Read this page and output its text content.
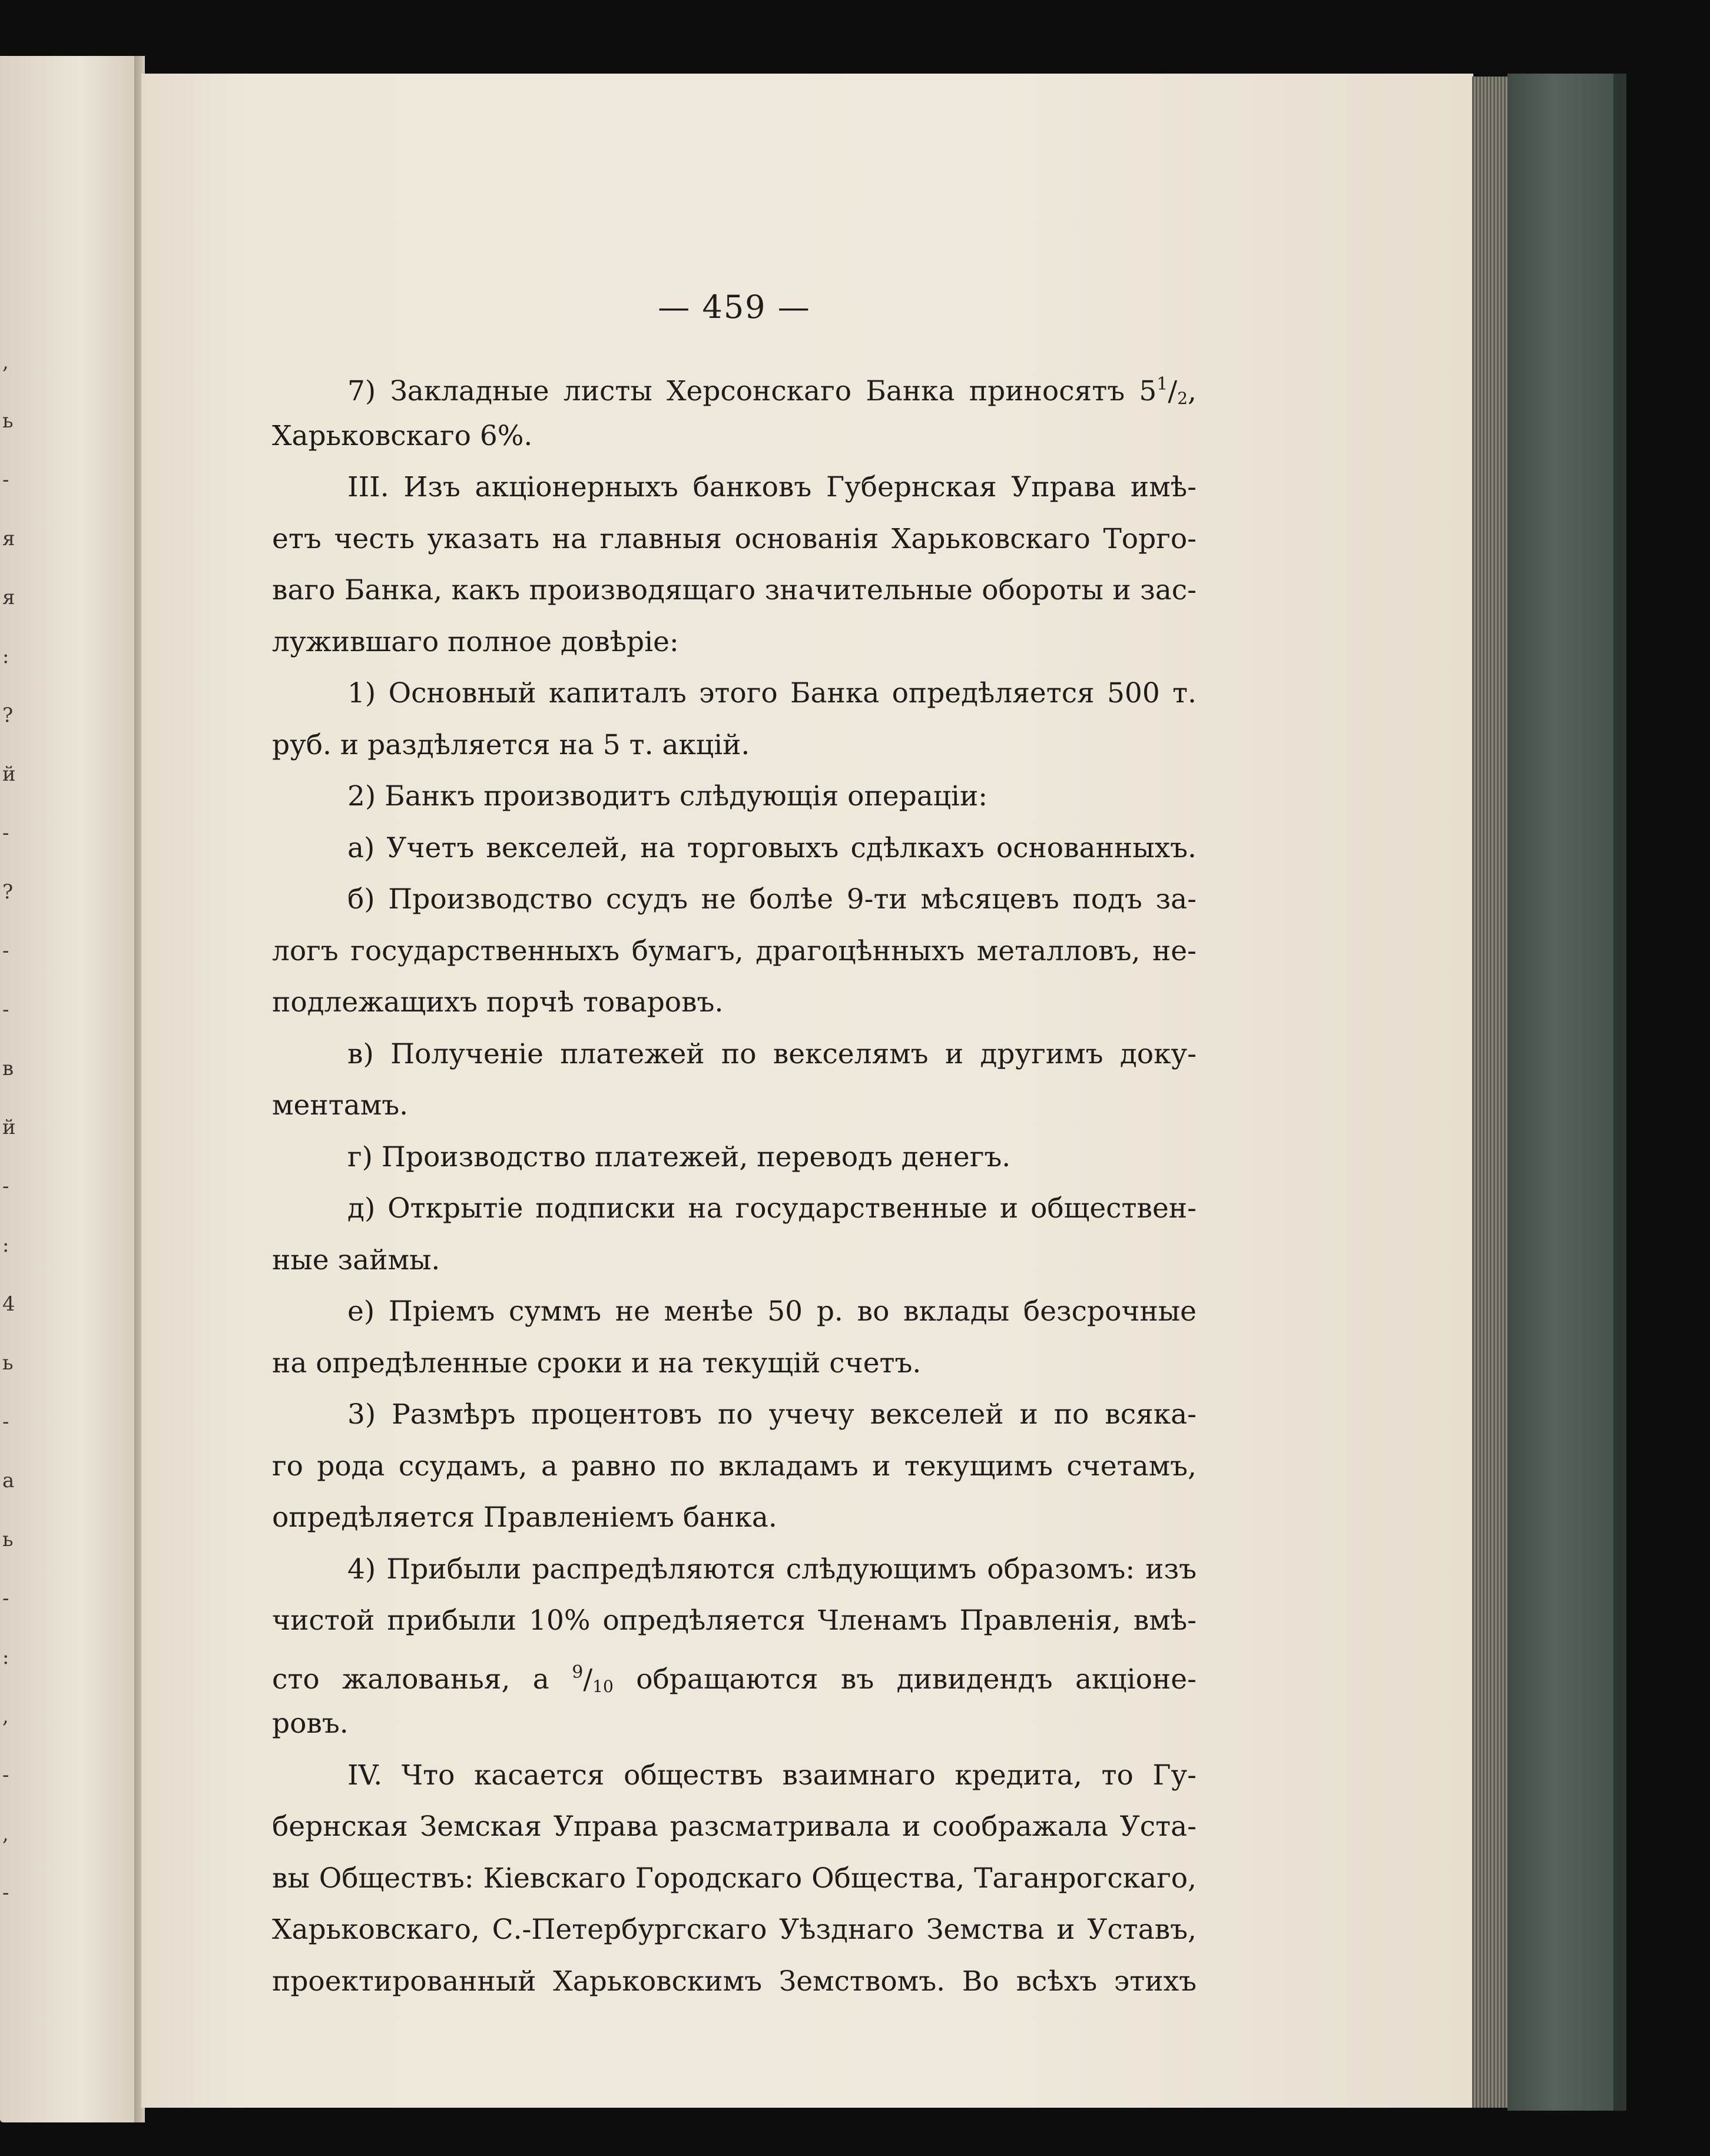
,
ь
-
я
я
:
?
й
-
?
-
-
в
й
-
:
4
ь
-
а
ь
-
:
,
-
,
-
— 459 —
7) Закладные листы Херсонскаго Банка приносятъ $5^1/_2$,
Харьковскаго 6%.
III. Изъ акціонерныхъ банковъ Губернская Управа имѣ-
етъ честь указать на главныя основанія Харьковскаго Торго-
ваго Банка, какъ производящаго значительные обороты и зас-
лужившаго полное довѣріе:
1) Основный капиталъ этого Банка опредѣляется 500 т.
руб. и раздѣляется на 5 т. акцій.
2) Банкъ производитъ слѣдующія операціи:
а) Учетъ векселей, на торговыхъ сдѣлкахъ основанныхъ.
б) Производство ссудъ не болѣе 9-ти мѣсяцевъ подъ за-
логъ государственныхъ бумагъ, драгоцѣнныхъ металловъ, не-
подлежащихъ порчѣ товаровъ.
в) Полученіе платежей по векселямъ и другимъ доку-
ментамъ.
г) Производство платежей, переводъ денегъ.
д) Открытіе подписки на государственные и обществен-
ные займы.
е) Пріемъ суммъ не менѣе 50 р. во вклады безсрочные
на опредѣленные сроки и на текущій счетъ.
3) Размѣръ процентовъ по учечу векселей и по всяка-
го рода ссудамъ, а равно по вкладамъ и текущимъ счетамъ,
опредѣляется Правленіемъ банка.
4) Прибыли распредѣляются слѣдующимъ образомъ: изъ
чистой прибыли 10% опредѣляется Членамъ Правленія, вмѣ-
сто жалованья, а $^9/_{10}$ обращаются въ дивидендъ акціоне-
ровъ.
IV. Что касается обществъ взаимнаго кредита, то Гу-
бернская Земская Управа разсматривала и соображала Уста-
вы Обществъ: Кіевскаго Городскаго Общества, Таганрогскаго,
Харьковскаго, С.-Петербургскаго Уѣзднаго Земства и Уставъ,
проектированный Харьковскимъ Земствомъ. Во всѣхъ этихъ
